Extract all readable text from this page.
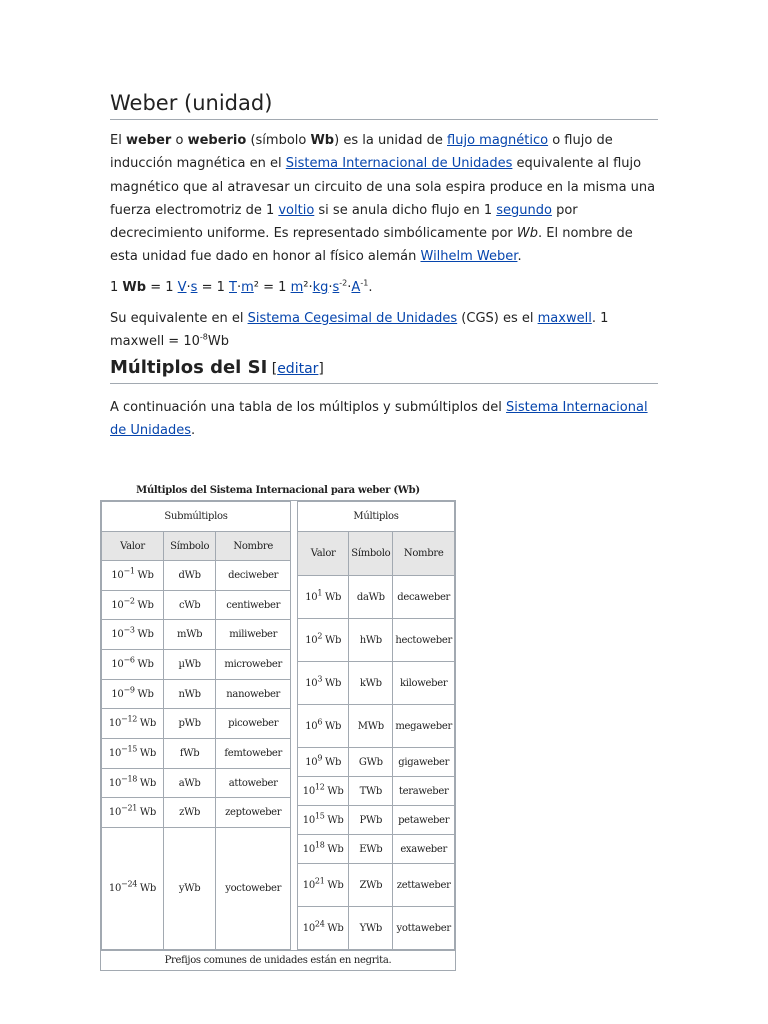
Weber (unidad)

El weber o weberio (símbolo Wb) es la unidad de flujo magnético o flujo de inducción magnética en el Sistema Internacional de Unidades equivalente al flujo magnético que al atravesar un circuito de una sola espira produce en la misma una fuerza electromotriz de 1 voltio si se anula dicho flujo en 1 segundo por decrecimiento uniforme. Es representado simbólicamente por Wb. El nombre de esta unidad fue dado en honor al físico alemán Wilhelm Weber.

1 Wb = 1 V·s = 1 T·m² = 1 $m^2\cdot kg\cdot s^{-2}\cdot A^{-1}$.

Su equivalente en el Sistema Cegesimal de Unidades (CGS) es el maxwell. 1 maxwell = $10^{-8}Wb$

Múltiplos del SI [editar]

A continuación una tabla de los múltiplos y submúltiplos del Sistema Internacional de Unidades.

Múltiplos del Sistema Internacional para weber (Wb)
Submúltiplos		
Valor	Símbolo	Nombre
$10^{-1}$ Wb	dWb	deciweber
$10^{-2}$ Wb	cWb	centiweber
$10^{-3}$ Wb	mWb	miliweber
$10^{-6}$ Wb	µWb	microweber
$10^{-9}$ Wb	nWb	nanoweber
$10^{-12}$ Wb	pWb	picoweber
$10^{-15}$ Wb	fWb	femtoweber
$10^{-18}$ Wb	aWb	attoweber
$10^{-21}$ Wb	zWb	zeptoweber
$10^{-24}$ Wb	yWb	yoctoweber
Múltiplos		
Valor	Símbolo	Nombre
$10^1$ Wb	daWb	decaweber
$10^2$ Wb	hWb	hectoweber
$10^3$ Wb	kWb	kiloweber
$10^6$ Wb	MWb	megaweber
$10^9$ Wb	GWb	gigaweber
$10^{12}$ Wb	TWb	teraweber
$10^{15}$ Wb	PWb	petaweber
$10^{18}$ Wb	EWb	exaweber
$10^{21}$ Wb	ZWb	zettaweber
$10^{24}$ Wb	YWb	yottaweber
Prefijos comunes de unidades están en negrita.
